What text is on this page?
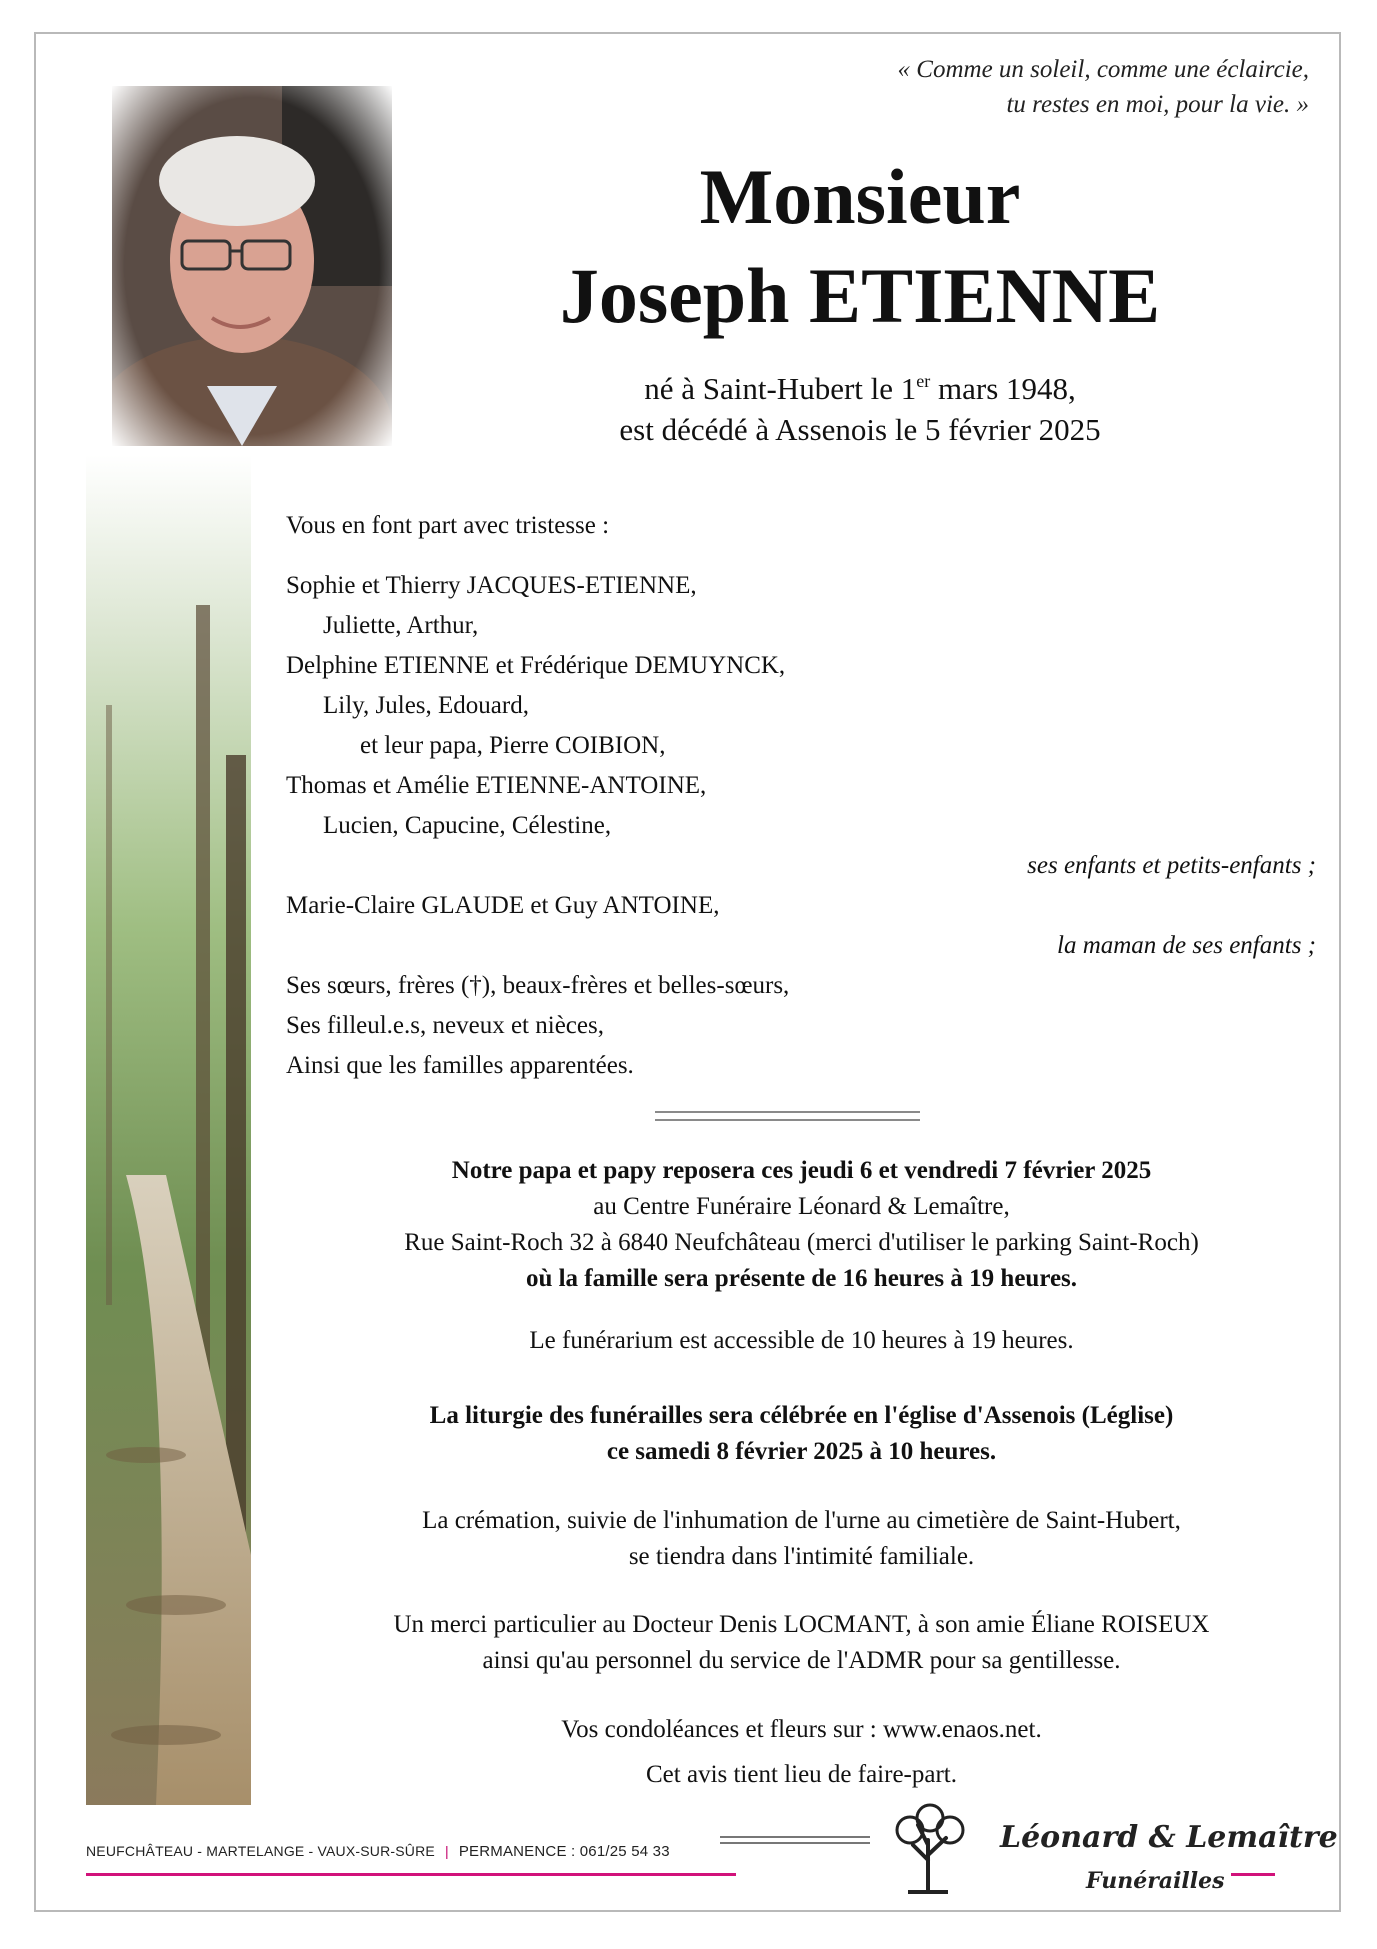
« Comme un soleil, comme une éclaircie,
tu restes en moi, pour la vie. »
Monsieur
Joseph ETIENNE
né à Saint-Hubert le 1er mars 1948,
est décédé à Assenois le 5 février 2025
Vous en font part avec tristesse :
Sophie et Thierry JACQUES-ETIENNE,
Juliette, Arthur,
Delphine ETIENNE et Frédérique DEMUYNCK,
Lily, Jules, Edouard,
et leur papa, Pierre COIBION,
Thomas et Amélie ETIENNE-ANTOINE,
Lucien, Capucine, Célestine,
ses enfants et petits-enfants ;
Marie-Claire GLAUDE et Guy ANTOINE,
la maman de ses enfants ;
Ses sœurs, frères (†), beaux-frères et belles-sœurs,
Ses filleul.e.s, neveux et nièces,
Ainsi que les familles apparentées.
Notre papa et papy reposera ces jeudi 6 et vendredi 7 février 2025
au Centre Funéraire Léonard & Lemaître,
Rue Saint-Roch 32 à 6840 Neufchâteau (merci d'utiliser le parking Saint-Roch)
où la famille sera présente de 16 heures à 19 heures.
Le funérarium est accessible de 10 heures à 19 heures.
La liturgie des funérailles sera célébrée en l'église d'Assenois (Léglise)
ce samedi 8 février 2025 à 10 heures.
La crémation, suivie de l'inhumation de l'urne au cimetière de Saint-Hubert,
se tiendra dans l'intimité familiale.
Un merci particulier au Docteur Denis LOCMANT, à son amie Éliane ROISEUX
ainsi qu'au personnel du service de l'ADMR pour sa gentillesse.
Vos condoléances et fleurs sur : www.enaos.net.
Cet avis tient lieu de faire-part.
NEUFCHÂTEAU - MARTELANGE - VAUX-SUR-SÛRE | PERMANENCE : 061/25 54 33	Léonard & Lemaître
Funérailles
